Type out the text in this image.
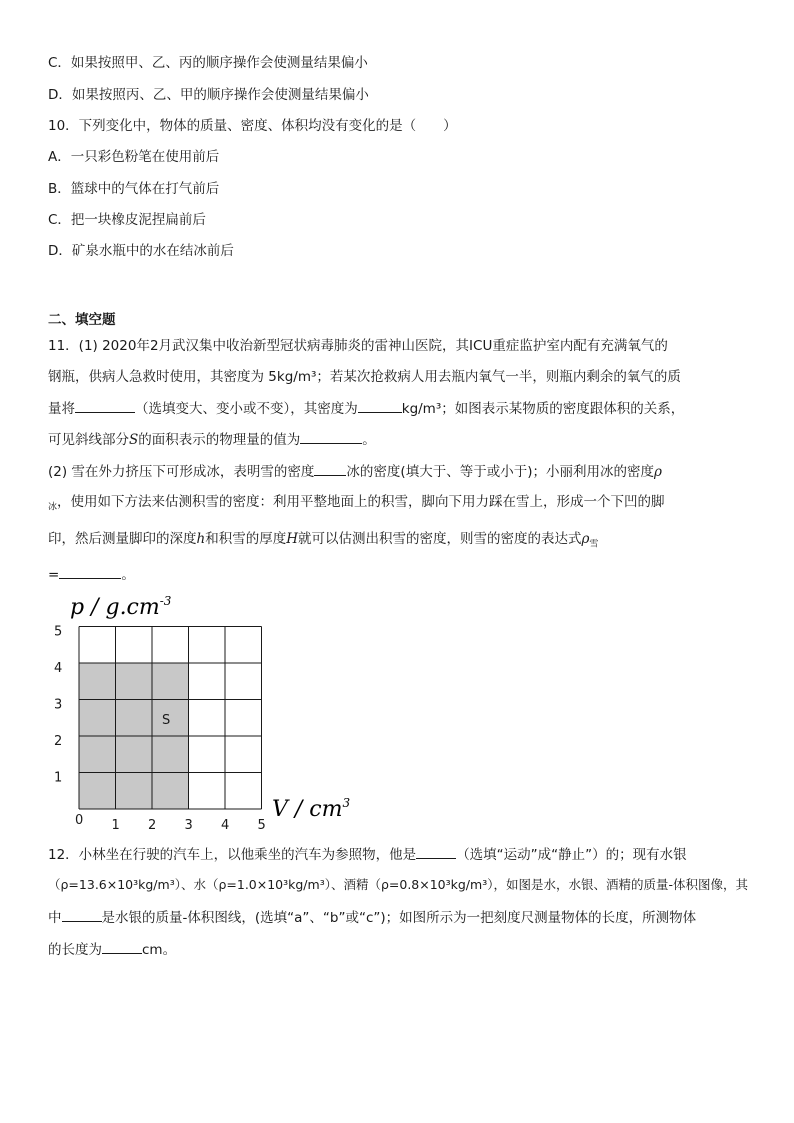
C．如果按照甲、乙、丙的顺序操作会使测量结果偏小
D．如果按照丙、乙、甲的顺序操作会使测量结果偏小
10．下列变化中，物体的质量、密度、体积均没有变化的是（　　）
A．一只彩色粉笔在使用前后
B．篮球中的气体在打气前后
C．把一块橡皮泥捏扁前后
D．矿泉水瓶中的水在结冰前后
二、填空题
11．(1) 2020年2月武汉集中收治新型冠状病毒肺炎的雷神山医院，其ICU重症监护室内配有充满氧气的
钢瓶，供病人急救时使用，其密度为 5kg/m³；若某次抢救病人用去瓶内氧气一半，则瓶内剩余的氧气的质
量将	（选填变大、变小或不变），其密度为	kg/m³；如图表示某物质的密度跟体积的关系，
可见斜线部分S的面积表示的物理量的值为	。
(2) 雪在外力挤压下可形成冰，表明雪的密度 冰的密度(填大于、等于或小于)；小丽利用冰的密度ρ
$_冰$，使用如下方法来估测积雪的密度：利用平整地面上的积雪，脚向下用力踩在雪上，形成一个下凹的脚
印，然后测量脚印的深度h和积雪的厚度H就可以估测出积雪的密度，则雪的密度的表达式$\rho_雪$
=	。
0 1 2 3 4 5
1
2
3
4
5
S
p / $g.cm^{-3}$
V / $cm^3$
12．小林坐在行驶的汽车上，以他乘坐的汽车为参照物，他是	（选填“运动”成“静止”）的；现有水银
（ρ=13.6×10³kg/m³）、水（ρ=1.0×10³kg/m³）、酒精（ρ=0.8×10³kg/m³），如图是水，水银、酒精的质量-体积图像，其
中	是水银的质量-体积图线，(选填“a”、“b”或“c”)；如图所示为一把刻度尺测量物体的长度，所测物体
的长度为	cm。
